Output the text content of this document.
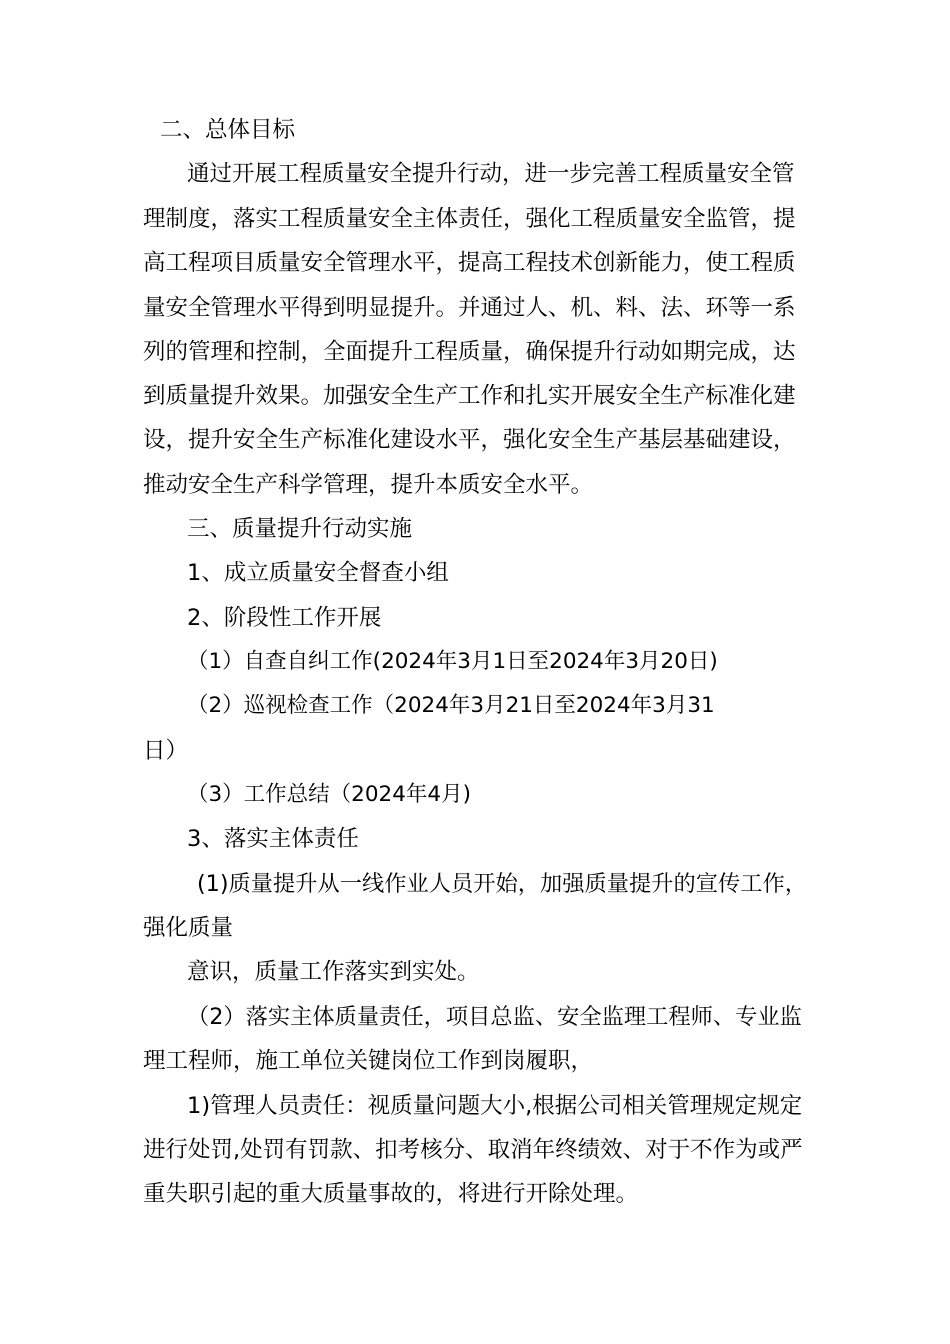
二、总体目标

通过开展工程质量安全提升行动，进一步完善工程质量安全管

理制度，落实工程质量安全主体责任，强化工程质量安全监管，提

高工程项目质量安全管理水平，提高工程技术创新能力，使工程质

量安全管理水平得到明显提升。并通过人、机、料、法、环等一系

列的管理和控制，全面提升工程质量，确保提升行动如期完成，达

到质量提升效果。加强安全生产工作和扎实开展安全生产标准化建

设，提升安全生产标准化建设水平，强化安全生产基层基础建设，

推动安全生产科学管理，提升本质安全水平。

三、质量提升行动实施

1、成立质量安全督查小组

2、阶段性工作开展

（1）自查自纠工作(2024年3月1日至2024年3月20日)

（2）巡视检查工作（2024年3月21日至2024年3月31

日）

（3）工作总结（2024年4月)

3、落实主体责任

(1)质量提升从一线作业人员开始，加强质量提升的宣传工作，

强化质量

意识，质量工作落实到实处。

（2）落实主体质量责任，项目总监、安全监理工程师、专业监

理工程师，施工单位关键岗位工作到岗履职，

1)管理人员责任：视质量问题大小,根据公司相关管理规定规定

进行处罚,处罚有罚款、扣考核分、取消年终绩效、对于不作为或严

重失职引起的重大质量事故的，将进行开除处理。
